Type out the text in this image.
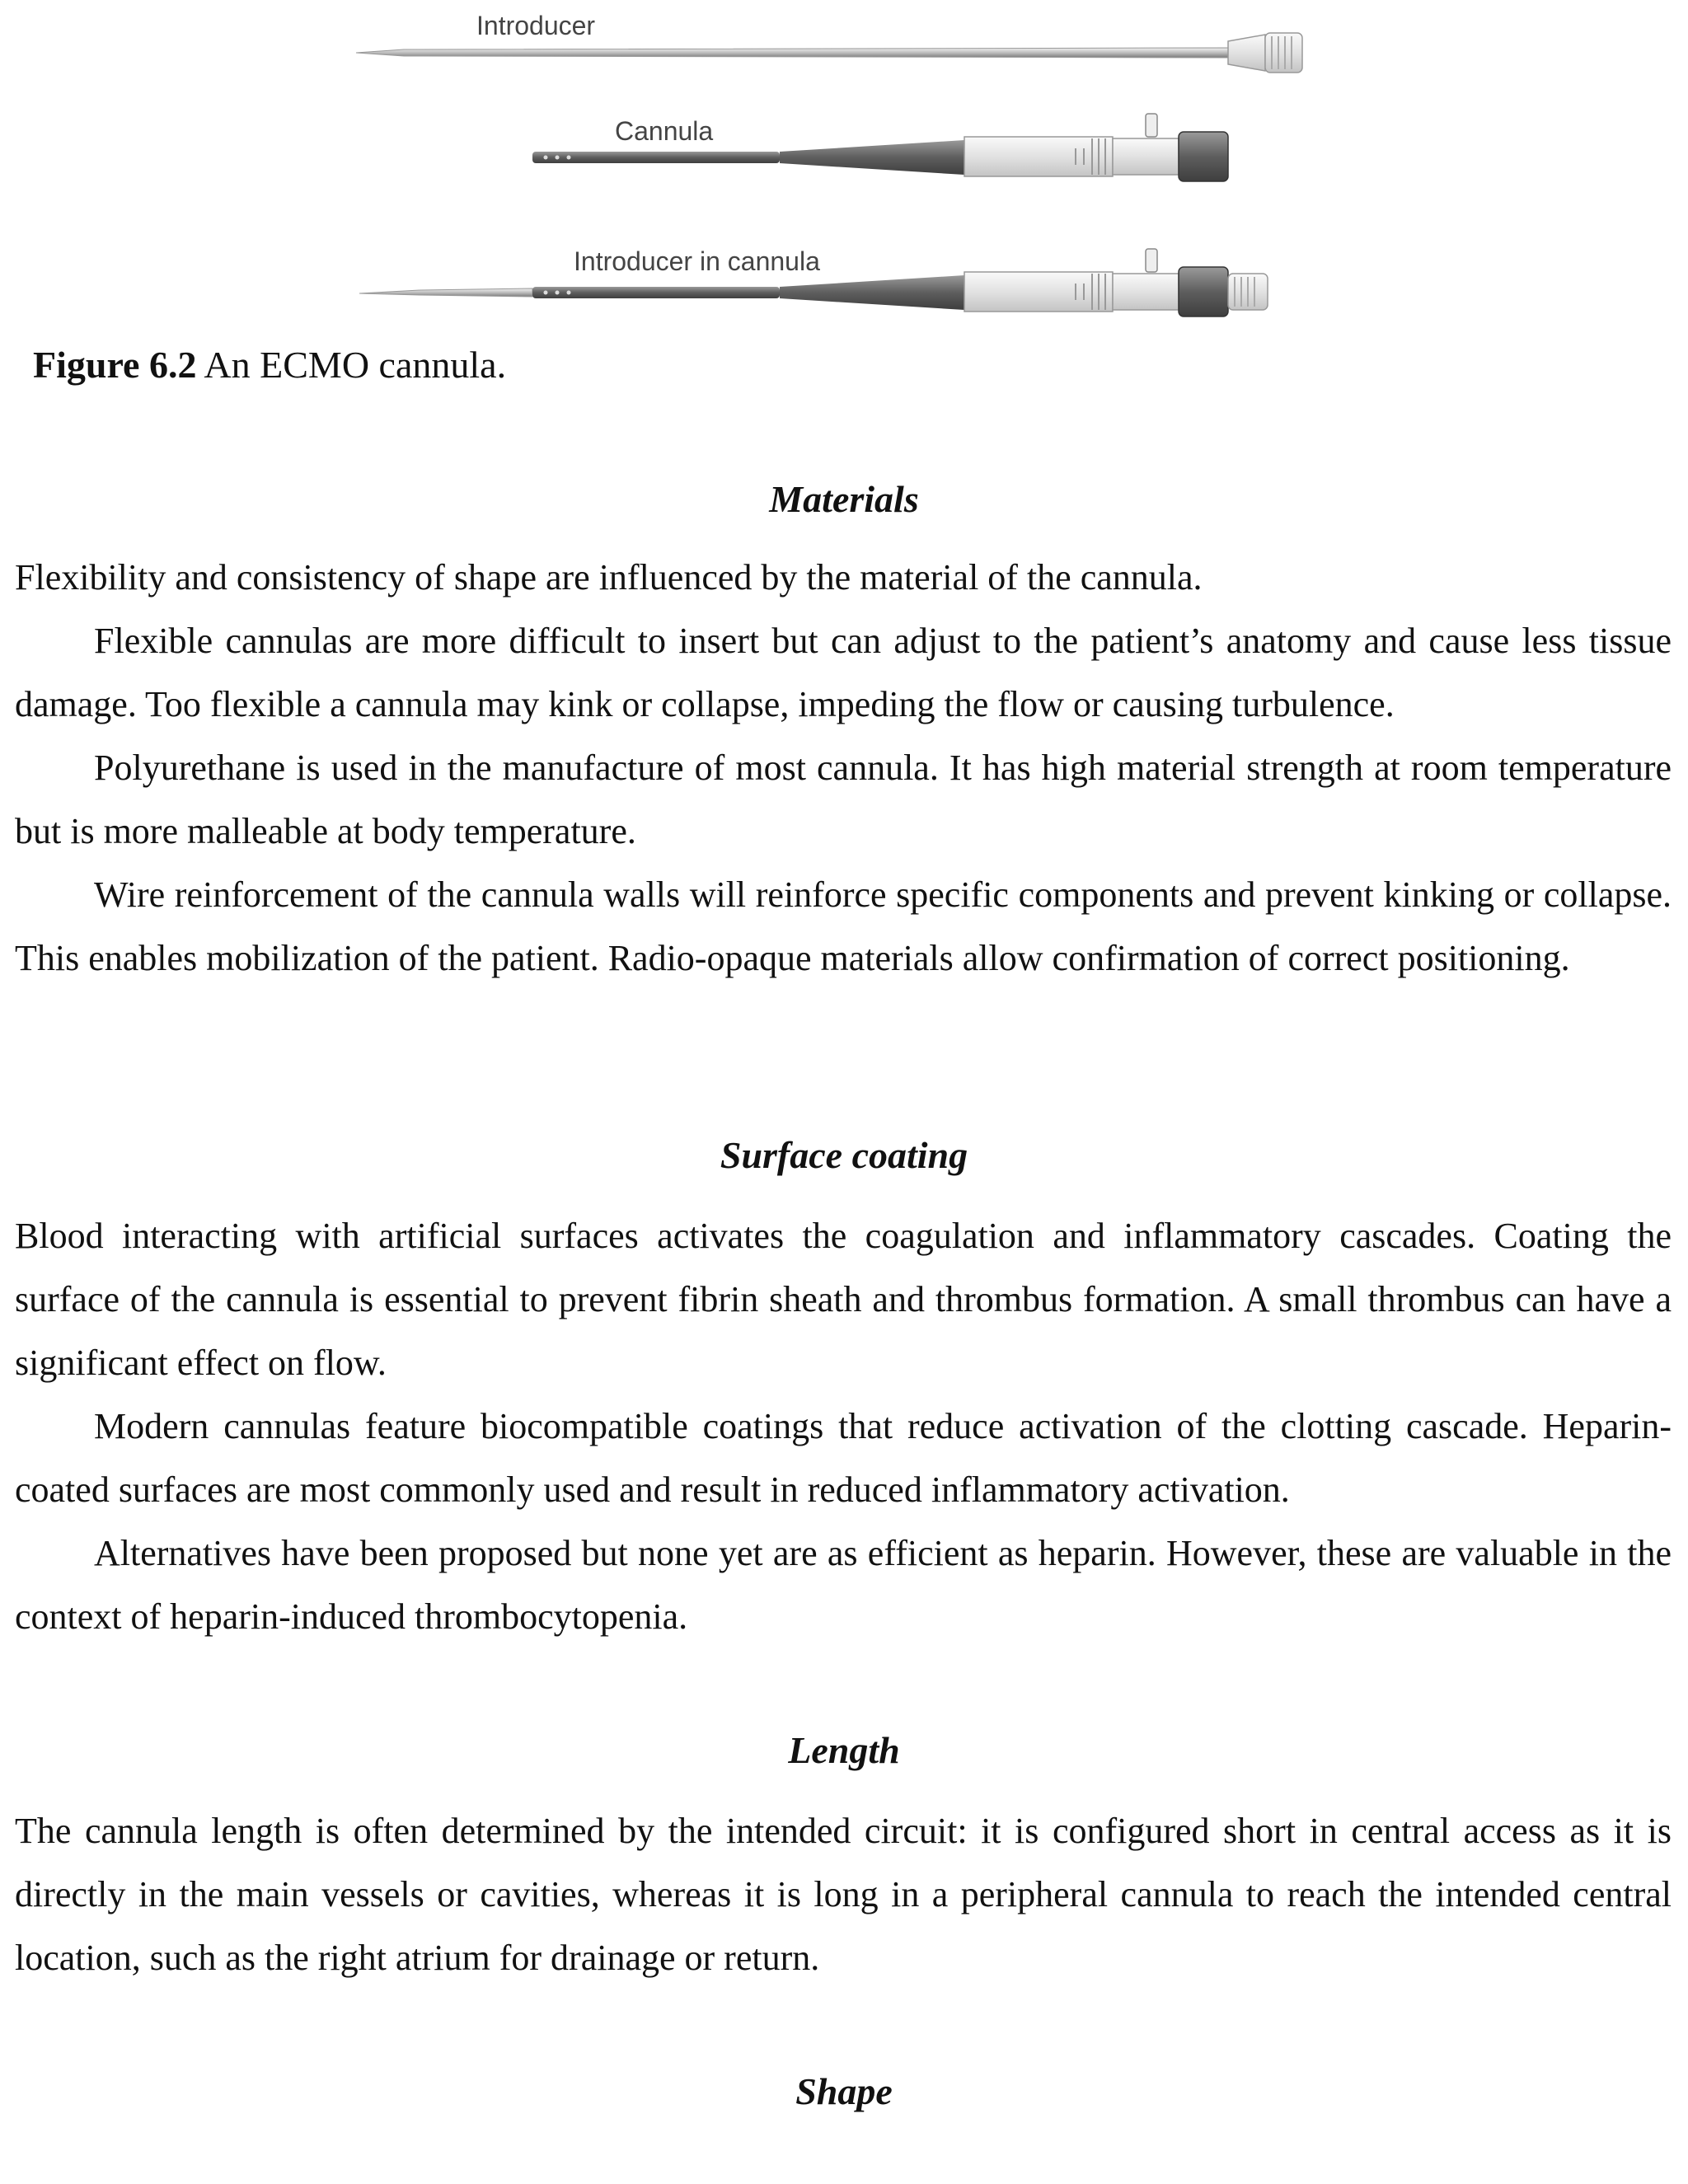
Introducer
Cannula
Introducer in cannula
Figure 6.2 An ECMO cannula.
Materials

Flexibility and consistency of shape are influenced by the material of the cannula.

Flexible cannulas are more difficult to insert but can adjust to the patient’s anatomy and cause less tissue damage. Too flexible a cannula may kink or collapse, impeding the flow or causing turbulence.

Polyurethane is used in the manufacture of most cannula. It has high material strength at room temperature but is more malleable at body temperature.

Wire reinforcement of the cannula walls will reinforce specific components and prevent kinking or collapse. This enables mobilization of the patient. Radio-opaque materials allow confirmation of correct positioning.

Surface coating

Blood interacting with artificial surfaces activates the coagulation and inflammatory cascades. Coating the surface of the cannula is essential to prevent fibrin sheath and thrombus formation. A small thrombus can have a significant effect on flow.

Modern cannulas feature biocompatible coatings that reduce activation of the clotting cascade. Heparin-coated surfaces are most commonly used and result in reduced inflammatory activation.

Alternatives have been proposed but none yet are as efficient as heparin. However, these are valuable in the context of heparin-induced thrombocytopenia.

Length

The cannula length is often determined by the intended circuit: it is configured short in central access as it is directly in the main vessels or cavities, whereas it is long in a peripheral cannula to reach the intended central location, such as the right atrium for drainage or return.

Shape
